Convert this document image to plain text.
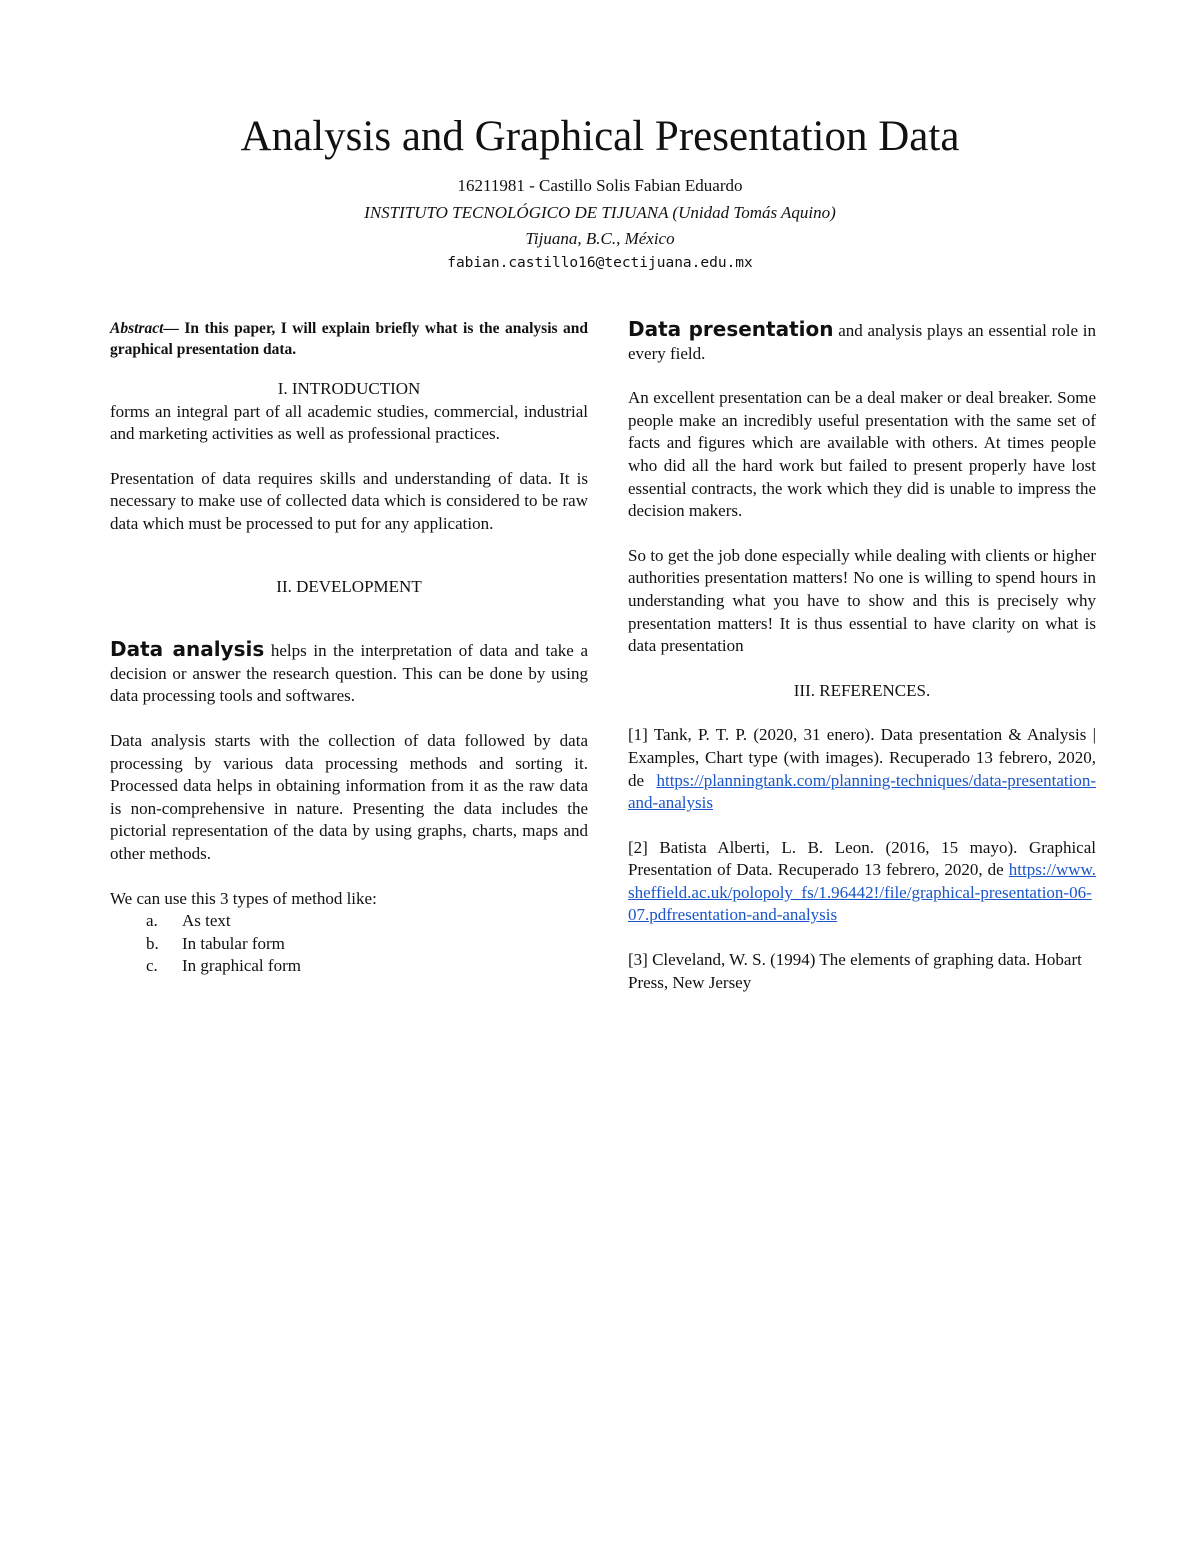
Analysis and Graphical Presentation Data
16211981 - Castillo Solis Fabian Eduardo
INSTITUTO TECNOLÓGICO DE TIJUANA (Unidad Tomás Aquino)
Tijuana, B.C., México
fabian.castillo16@tectijuana.edu.mx

Abstract— In this paper, I will explain briefly what is the analysis and graphical presentation data.

I. INTRODUCTION

forms an integral part of all academic studies, commercial, industrial and marketing activities as well as professional practices.

Presentation of data requires skills and understanding of data. It is necessary to make use of collected data which is considered to be raw data which must be processed to put for any application.

II. DEVELOPMENT

Data analysis helps in the interpretation of data and take a decision or answer the research question. This can be done by using data processing tools and softwares.

Data analysis starts with the collection of data followed by data processing by various data processing methods and sorting it. Processed data helps in obtaining information from it as the raw data is non-comprehensive in nature. Presenting the data includes the pictorial representation of the data by using graphs, charts, maps and other methods.

We can use this 3 types of method like:

a.	As text
b.	In tabular form
c.	In graphical form

Data presentation and analysis plays an essential role in every field.

An excellent presentation can be a deal maker or deal breaker. Some people make an incredibly useful presentation with the same set of facts and figures which are available with others. At times people who did all the hard work but failed to present properly have lost essential contracts, the work which they did is unable to impress the decision makers.

So to get the job done especially while dealing with clients or higher authorities presentation matters! No one is willing to spend hours in understanding what you have to show and this is precisely why presentation matters! It is thus essential to have clarity on what is data presentation

III. REFERENCES.

[1] Tank, P. T. P. (2020, 31 enero). Data presentation & Analysis | Examples, Chart type (with images). Recuperado 13 febrero, 2020, de https://planningtank.com/planning-techniques/data-presentation-and-analysis

[2] Batista Alberti, L. B. Leon. (2016, 15 mayo). Graphical Presentation of Data. Recuperado 13 febrero, 2020, de https://www.sheffield.ac.uk/polopoly_fs/1.96442!/file/graphical-presentation-06-07.pdfresentation-and-analysis

[3] Cleveland, W. S. (1994) The elements of graphing data. Hobart Press, New Jersey
